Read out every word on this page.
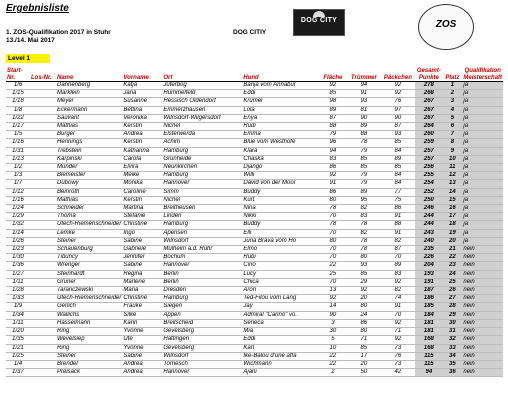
Ergebnisliste
1. ZOS-Qualifikation 2017 in Stuhr
13./14. Mai 2017
DOG CITIY
DOG CITY	ZOS
Level 1
Start-Nr.	Los-Nr.	Name	Vorname	Ort	Hund	Fläche	Trümmer	Päckchen	Gesamt-Punkte	Platz	Qualifikation Meisterschaft
1/6		Dannenberg	Katja	Jüterbog	Banja vom Annabur	92	94	92	278	1	ja
1/15		Marklein	Jana	Hummelfeld	Eddi	85	91	92	268	2	ja
1/18		Meyer	Susanne	Hessisch Oldendorf	Krümel	98	93	76	267	3	ja
1/8		Eckermann	Bettina	Emmerzhausen	Lola	89	81	97	267	4	ja
1/22		Sauvant	Veronika	Wilnsdorf-Wilgersdorf	Enya	87	90	90	267	5	ja
1/17		Mathias	Kerstin	Nichel	Rudi	88	89	87	264	6	ja
1/5		Burger	Andrea	Elsterwerda	Emma	79	88	93	260	7	ja
1/16		Hennings	Kerstin	Achim	Blue vom Westhofe	96	78	85	259	8	ja
1/31		Trebstein	Katharina	Hamburg	Klara	94	79	84	257	9	ja
1/13		Karpinski	Carola	Grünheide	Chaska	83	85	89	257	10	ja
1/2		Münder	Elvira	Neunkirchen	Django	86	85	85	256	11	ja
1/3		Blemeister	Meike	Hamburg	Willi	92	79	84	255	12	ja
1/7		Dubowy	Monika	Hannover	David von der Moor	91	79	84	254	13	ja
1/12		Beinroth	Caroline	Simm	Buddy	86	89	77	252	14	ja
1/16		Mathias	Kerstin	Nichel	Kurt	80	95	75	250	15	ja
1/24		Schneider	Martina	Breitheusen	Nina	78	82	86	246	16	ja
1/29		Thomä	Stefanie	Linden	Nikki	70	83	91	244	17	ja
1/32		Utech-Riemenschneider	Christine	Hamburg	Buddy	78	78	88	244	18	ja
1/14		Lemke	Ingo	Apensen	Elli	70	82	91	243	19	ja
1/26		Steiner	Sabine	Wilnsdorf	Juna Brava vom Ho	80	78	82	240	20	ja
1/23		Schauenburg	Gabriele	Mülheim a.d. Ruhr	Elmo	70	78	87	235	21	nein
1/30		Tibuncy	Jennifer	Bochum	Rubi	70	80	70	226	22	nein
1/36		Wrenger	Sabine	Hannover	Cino	22	93	89	204	23	nein
1/27		Steinhardt	Regina	Berlin	Lucy	25	85	83	193	24	nein
1/11		Gruner	Marlene	Berlin	Chica	70	29	92	191	25	nein
1/28		Taranczewski	Maria	Dresden	Aron	13	92	82	187	26	nein
1/33		Utech-Riemenschneider	Christine	Hamburg	Ted-Filou vom Lang	92	20	74	186	27	nein
1/9		Gerlich	Frauke	Siegen	Jay	14	80	91	185	28	nein
1/34		Wallichs	Silke	Appen	Admiral "Carino" vo.	90	24	70	184	29	nein
1/11		Hasselmann	Karin	Breitscheid	Seneca	3	86	92	181	30	nein
1/20		Ring	Yvonne	Gevelsberg	Mia	30	80	71	181	31	nein
1/35		Wevelsiep	Ute	Hattingen	Eddi	5	71	92	168	32	nein
1/21		Ring	Yvonne	Gevelsberg	Karl	10	85	73	168	33	nein
1/25		Steiner	Sabine	Wilnsdorf	Ike-Balou d'une affa	22	17	76	115	34	nein
1/4		Brendel	Andrea	Tornesch	Wichmann	22	20	73	115	35	nein
1/37		Preisack	Andrea	Hannover	Ajani	2	50	42	94	36	nein
